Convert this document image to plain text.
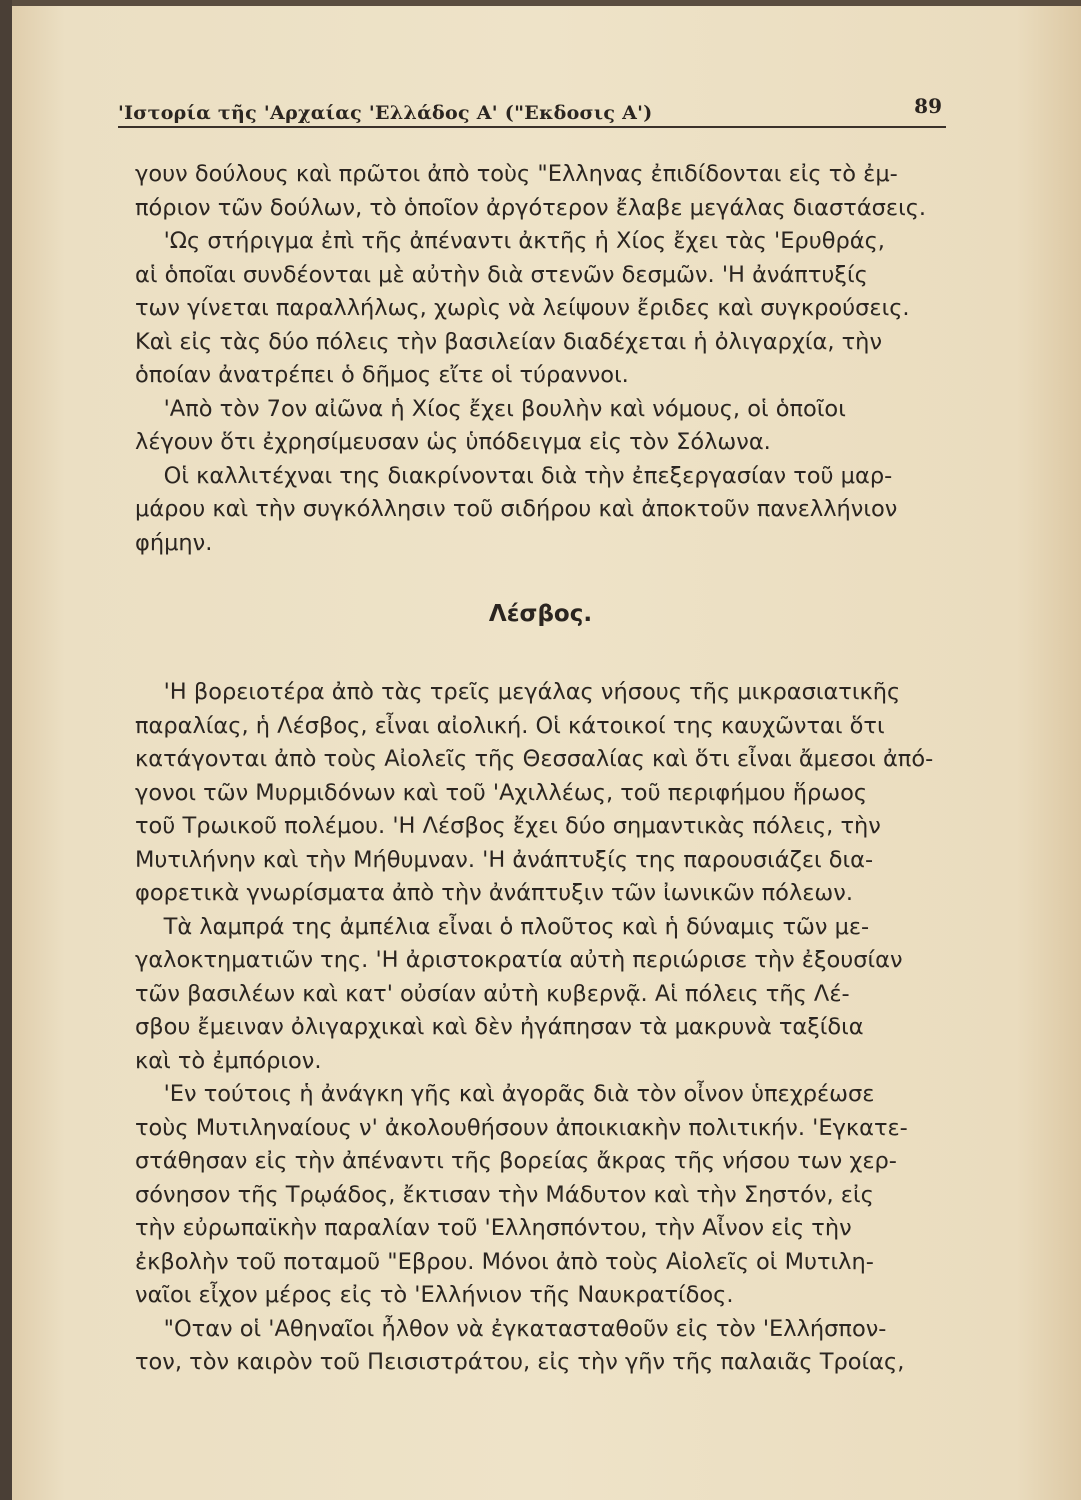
'Ιστορία τῆς 'Αρχαίας 'Ελλάδος Α' ("Εκδοσις Α')	89
γουν δούλους καὶ πρῶτοι ἀπὸ τοὺς "Ελληνας ἐπιδίδονται εἰς τὸ ἐμ-
πόριον τῶν δούλων, τὸ ὁποῖον ἀργότερον ἔλαβε μεγάλας διαστάσεις.
'Ως στήριγμα ἐπὶ τῆς ἀπέναντι ἀκτῆς ἡ Χίος ἔχει τὰς 'Ερυθράς,
αἱ ὁποῖαι συνδέονται μὲ αὐτὴν διὰ στενῶν δεσμῶν. 'Η ἀνάπτυξίς
των γίνεται παραλλήλως, χωρὶς νὰ λείψουν ἔριδες καὶ συγκρούσεις.
Καὶ εἰς τὰς δύο πόλεις τὴν βασιλείαν διαδέχεται ἡ ὀλιγαρχία, τὴν
ὁποίαν ἀνατρέπει ὁ δῆμος εἴτε οἱ τύραννοι.
'Απὸ τὸν 7ον αἰῶνα ἡ Χίος ἔχει βουλὴν καὶ νόμους, οἱ ὁποῖοι
λέγουν ὅτι ἐχρησίμευσαν ὡς ὑπόδειγμα εἰς τὸν Σόλωνα.
Οἱ καλλιτέχναι της διακρίνονται διὰ τὴν ἐπεξεργασίαν τοῦ μαρ-
μάρου καὶ τὴν συγκόλλησιν τοῦ σιδήρου καὶ ἀποκτοῦν πανελλήνιον
φήμην.
Λέσβος.
'Η βορειοτέρα ἀπὸ τὰς τρεῖς μεγάλας νήσους τῆς μικρασιατικῆς
παραλίας, ἡ Λέσβος, εἶναι αἰολική. Οἱ κάτοικοί της καυχῶνται ὅτι
κατάγονται ἀπὸ τοὺς Αἰολεῖς τῆς Θεσσαλίας καὶ ὅτι εἶναι ἄμεσοι ἀπό-
γονοι τῶν Μυρμιδόνων καὶ τοῦ 'Αχιλλέως, τοῦ περιφήμου ἥρωος
τοῦ Τρωικοῦ πολέμου. 'Η Λέσβος ἔχει δύο σημαντικὰς πόλεις, τὴν
Μυτιλήνην καὶ τὴν Μήθυμναν. 'Η ἀνάπτυξίς της παρουσιάζει δια-
φορετικὰ γνωρίσματα ἀπὸ τὴν ἀνάπτυξιν τῶν ἰωνικῶν πόλεων.
Τὰ λαμπρά της ἀμπέλια εἶναι ὁ πλοῦτος καὶ ἡ δύναμις τῶν με-
γαλοκτηματιῶν της. 'Η ἀριστοκρατία αὐτὴ περιώρισε τὴν ἐξουσίαν
τῶν βασιλέων καὶ κατ' οὐσίαν αὐτὴ κυβερνᾷ. Αἱ πόλεις τῆς Λέ-
σβου ἔμειναν ὀλιγαρχικαὶ καὶ δὲν ἠγάπησαν τὰ μακρυνὰ ταξίδια
καὶ τὸ ἐμπόριον.
'Εν τούτοις ἡ ἀνάγκη γῆς καὶ ἀγορᾶς διὰ τὸν οἶνον ὑπεχρέωσε
τοὺς Μυτιληναίους ν' ἀκολουθήσουν ἀποικιακὴν πολιτικήν. 'Εγκατε-
στάθησαν εἰς τὴν ἀπέναντι τῆς βορείας ἄκρας τῆς νήσου των χερ-
σόνησον τῆς Τρῳάδος, ἔκτισαν τὴν Μάδυτον καὶ τὴν Σηστόν, εἰς
τὴν εὐρωπαϊκὴν παραλίαν τοῦ 'Ελλησπόντου, τὴν Αἶνον εἰς τὴν
ἐκβολὴν τοῦ ποταμοῦ "Εβρου. Μόνοι ἀπὸ τοὺς Αἰολεῖς οἱ Μυτιλη-
ναῖοι εἶχον μέρος εἰς τὸ 'Ελλήνιον τῆς Ναυκρατίδος.
"Οταν οἱ 'Αθηναῖοι ἦλθον νὰ ἐγκατασταθοῦν εἰς τὸν 'Ελλήσπον-
τον, τὸν καιρὸν τοῦ Πεισιστράτου, εἰς τὴν γῆν τῆς παλαιᾶς Τροίας,
